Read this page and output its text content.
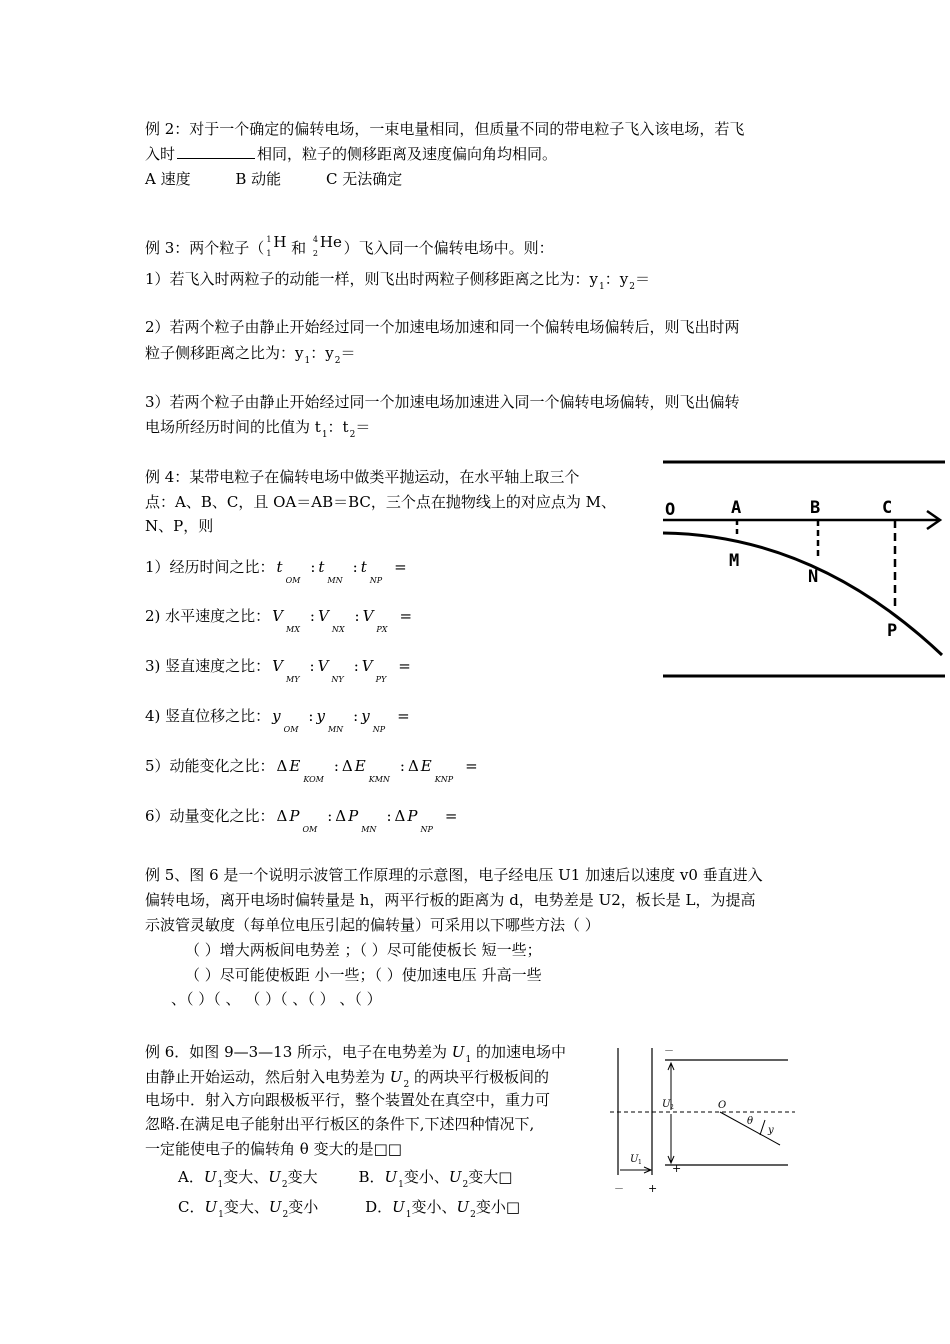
例 2：对于一个确定的偏转电场，一束电量相同，但质量不同的带电粒子飞入该电场，若飞
入时	相同，粒子的侧移距离及速度偏向角均相同。
A 速度	B 动能	C 无法确定
例 3：两个粒子（ 1
1
H 和 4
2
He
）飞入同一个偏转电场中。则：
1）若飞入时两粒子的动能一样，则飞出时两粒子侧移距离之比为：$y_1$：$y_2=$
2）若两个粒子由静止开始经过同一个加速电场加速和同一个偏转电场偏转后，则飞出时两
粒子侧移距离之比为：$y_1$：$y_2=$
3）若两个粒子由静止开始经过同一个加速电场加速进入同一个偏转电场偏转，则飞出偏转
电场所经历时间的比值为 $t_1$：$t_2=$
例 4：某带电粒子在偏转电场中做类平抛运动，在水平轴上取三个
点：A、B、C，且 OA＝AB＝BC，三个点在抛物线上的对应点为 M、
N、P，则
1）经历时间之比： $t_{OM}$: $t_{MN}$: $t_{NP}=$
2) 水平速度之比： $V_{MX}$: $V_{NX}$: $V_{PX}=$
3) 竖直速度之比： $V_{MY}$: $V_{NY}$: $V_{PY}=$
4) 竖直位移之比： $y_{OM}$: $y_{MN}$: $y_{NP}=$
5）动能变化之比： Δ $E_{KOM}$: Δ $E_{KMN}$: Δ $E_{KNP}=$
6）动量变化之比： Δ $P_{OM}$: Δ $P_{MN}$: Δ $P_{NP}=$
O	A	B	C
M
N
P
例 5、图 6 是一个说明示波管工作原理的示意图，电子经电压 U1 加速后以速度 v0 垂直进入
偏转电场，离开电场时偏转量是 h，两平行板的距离为 d，电势差是 U2，板长是 L，为提高
示波管灵敏度（每单位电压引起的偏转量）可采用以下哪些方法（ ）
（ ）增大两板间电势差 ；（ ）尽可能使板长 短一些；
（ ）尽可能使板距 小一些；（ ）使加速电压 升高一些
、（ ）（ 、 （ ）（ 、（ ） 、（ ）
例 6．如图 9—3—13 所示，电子在电势差为 $U_1$ 的加速电场中
由静止开始运动，然后射入电势差为 $U_2$ 的两块平行极板间的
电场中．射入方向跟极板平行，整个装置处在真空中，重力可
忽略.在满足电子能射出平行板区的条件下,下述四种情况下,
一定能使电子的偏转角 θ 变大的是□□
A．$U_1$变大、$U_2$变大	B．$U_1$变小、$U_2$变大□
C．$U_1$变大、$U_2$变小	D．$U_1$变小、$U_2$变小□
－
+
U 2
U 1
O
θ
y
－ +
